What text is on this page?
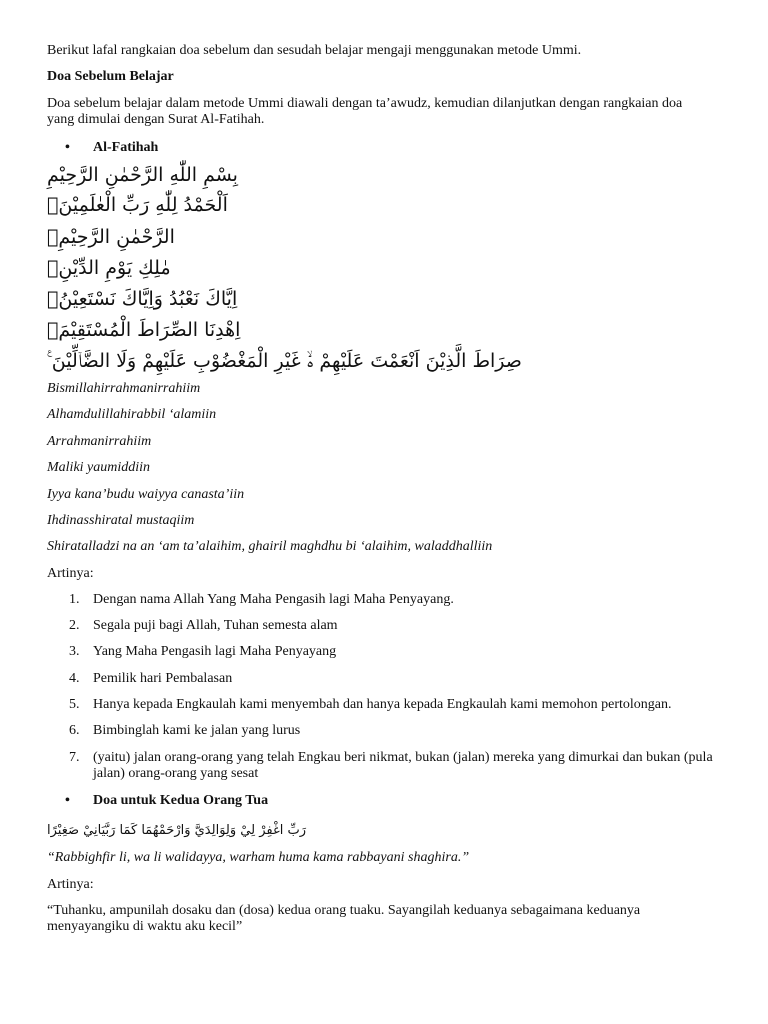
Berikut lafal rangkaian doa sebelum dan sesudah belajar mengaji menggunakan metode Ummi.

Doa Sebelum Belajar

Doa sebelum belajar dalam metode Ummi diawali dengan ta’awudz, kemudian dilanjutkan dengan rangkaian doa yang dimulai dengan Surat Al-Fatihah.

• Al-Fatihah
بِسْمِ اللّٰهِ الرَّحْمٰنِ الرَّحِيْمِ
اَلْحَمْدُ لِلّٰهِ رَبِّ الْعٰلَمِيْنَۙ
الرَّحْمٰنِ الرَّحِيْمِۙ
مٰلِكِ يَوْمِ الدِّيْنِۗ
اِيَّاكَ نَعْبُدُ وَاِيَّاكَ نَسْتَعِيْنُۗ
اِهْدِنَا الصِّرَاطَ الْمُسْتَقِيْمَۙ
صِرَاطَ الَّذِيْنَ اَنْعَمْتَ عَلَيْهِمْ ەۙ غَيْرِ الْمَغْضُوْبِ عَلَيْهِمْ وَلَا الضَّاۤلِّيْنَ ࣖ

Bismillahirrahmanirrahiim

Alhamdulillahirabbil ‘alamiin

Arrahmanirrahiim

Maliki yaumiddiin

Iyya kana’budu waiyya canasta’iin

Ihdinasshiratal mustaqiim

Shiratalladzi na an ‘am ta’alaihim, ghairil maghdhu bi ‘alaihim, waladdhalliin

Artinya:

1. Dengan nama Allah Yang Maha Pengasih lagi Maha Penyayang.
2. Segala puji bagi Allah, Tuhan semesta alam
3. Yang Maha Pengasih lagi Maha Penyayang
4. Pemilik hari Pembalasan
5. Hanya kepada Engkaulah kami menyembah dan hanya kepada Engkaulah kami memohon pertolongan.
6. Bimbinglah kami ke jalan yang lurus
7. (yaitu) jalan orang-orang yang telah Engkau beri nikmat, bukan (jalan) mereka yang dimurkai dan bukan (pula jalan) orang-orang yang sesat
• Doa untuk Kedua Orang Tua
رَبِّ اغْفِرْ لِيْ وَلِوَالِدَيَّ وَارْحَمْهُمَا كَمَا رَبَّيَانِيْ صَغِيْرًا

“Rabbighfir li, wa li walidayya, warham huma kama rabbayani shaghira.”

Artinya:

“Tuhanku, ampunilah dosaku dan (dosa) kedua orang tuaku. Sayangilah keduanya sebagaimana keduanya menyayangiku di waktu aku kecil”
